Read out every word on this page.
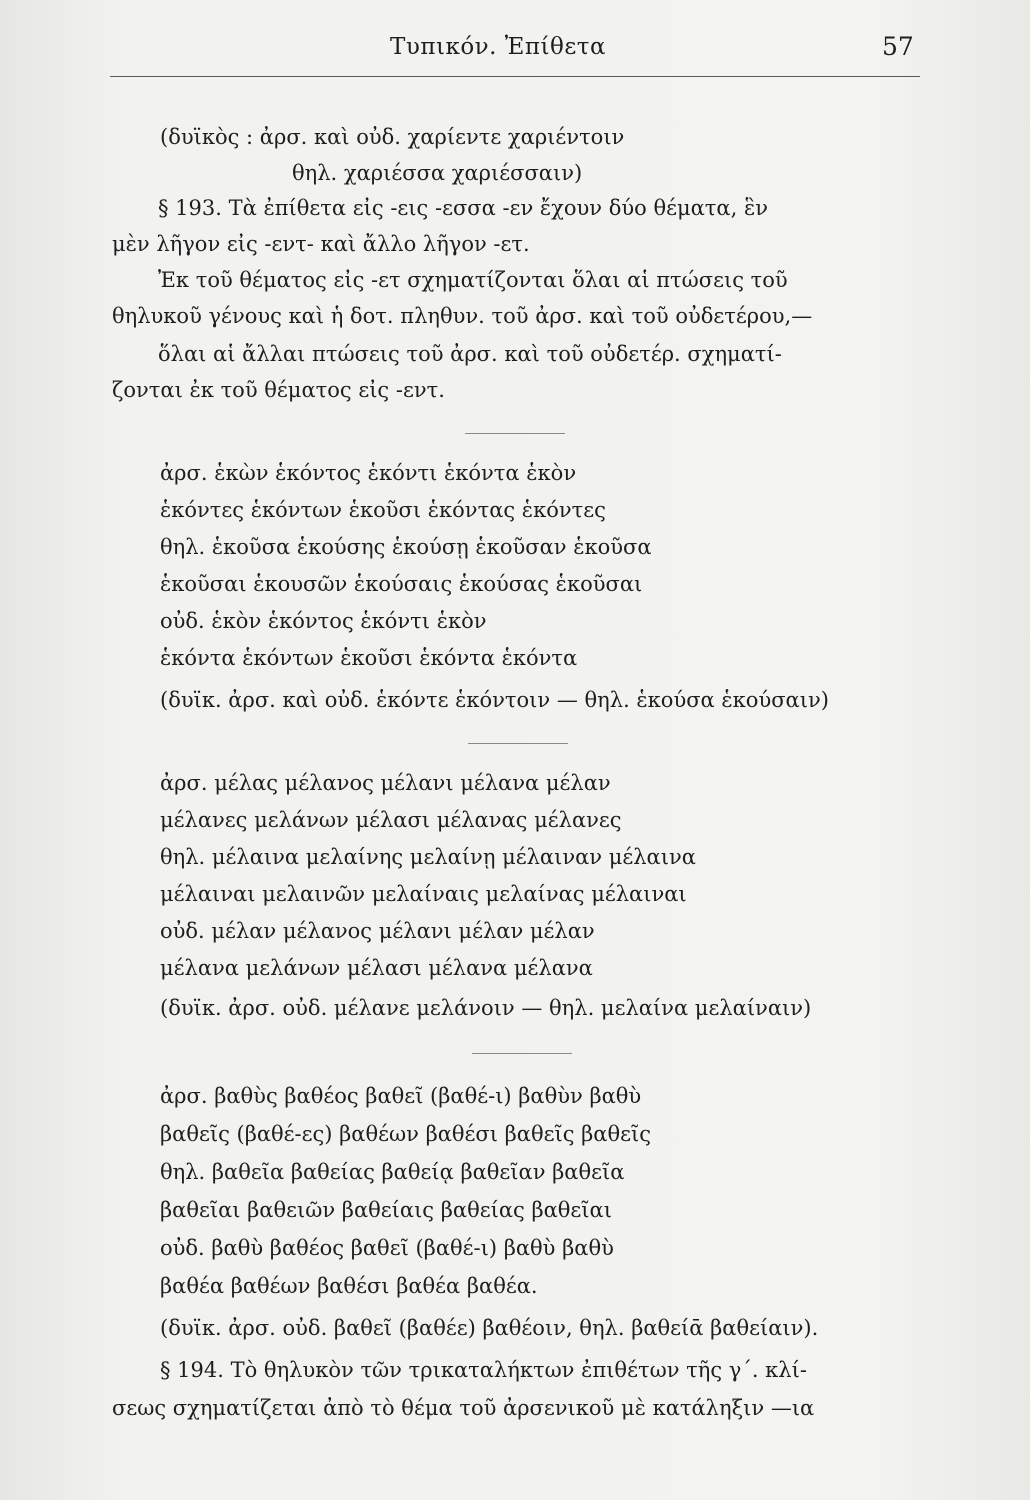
Τυπικόν. Ἐπίθετα	57
(δυϊκὸς : ἀρσ. καὶ οὐδ. χαρίεντε χαριέντοιν
θηλ. χαριέσσα χαριέσσαιν)
§ 193. Τὰ ἐπίθετα εἰς -εις -εσσα -εν ἔχουν δύο θέματα, ἓν
μὲν λῆγον εἰς -εντ- καὶ ἄλλο λῆγον -ετ.
Ἐκ τοῦ θέματος εἰς -ετ σχηματίζονται ὅλαι αἱ πτώσεις τοῦ
θηλυκοῦ γένους καὶ ἡ δοτ. πληθυν. τοῦ ἀρσ. καὶ τοῦ οὐδετέρου,—
ὅλαι αἱ ἄλλαι πτώσεις τοῦ ἀρσ. καὶ τοῦ οὐδετέρ. σχηματί-
ζονται ἐκ τοῦ θέματος εἰς -εντ.
ἀρσ. ἑκὼν ἑκόντος ἑκόντι ἑκόντα ἑκὸν
ἑκόντες ἑκόντων ἑκοῦσι ἑκόντας ἑκόντες
θηλ. ἑκοῦσα ἑκούσης ἑκούσῃ ἑκοῦσαν ἑκοῦσα
ἑκοῦσαι ἑκουσῶν ἑκούσαις ἑκούσας ἑκοῦσαι
οὐδ. ἑκὸν ἑκόντος ἑκόντι ἑκὸν
ἑκόντα ἑκόντων ἑκοῦσι ἑκόντα ἑκόντα
(δυϊκ. ἀρσ. καὶ οὐδ. ἑκόντε ἑκόντοιν — θηλ. ἑκούσα ἑκούσαιν)
ἀρσ. μέλας μέλανος μέλανι μέλανα μέλαν
μέλανες μελάνων μέλασι μέλανας μέλανες
θηλ. μέλαινα μελαίνης μελαίνῃ μέλαιναν μέλαινα
μέλαιναι μελαινῶν μελαίναις μελαίνας μέλαιναι
οὐδ. μέλαν μέλανος μέλανι μέλαν μέλαν
μέλανα μελάνων μέλασι μέλανα μέλανα
(δυϊκ. ἀρσ. οὐδ. μέλανε μελάνοιν — θηλ. μελαίνα μελαίναιν)
ἀρσ. βαθὺς βαθέος βαθεῖ (βαθέ-ι) βαθὺν βαθὺ
βαθεῖς (βαθέ-ες) βαθέων βαθέσι βαθεῖς βαθεῖς
θηλ. βαθεῖα βαθείας βαθείᾳ βαθεῖαν βαθεῖα
βαθεῖαι βαθειῶν βαθείαις βαθείας βαθεῖαι
οὐδ. βαθὺ βαθέος βαθεῖ (βαθέ-ι) βαθὺ βαθὺ
βαθέα βαθέων βαθέσι βαθέα βαθέα.
(δυϊκ. ἀρσ. οὐδ. βαθεῖ (βαθέε) βαθέοιν, θηλ. βαθείᾱ βαθείαιν).
§ 194. Τὸ θηλυκὸν τῶν τρικαταλήκτων ἐπιθέτων τῆς γ΄. κλί-
σεως σχηματίζεται ἀπὸ τὸ θέμα τοῦ ἀρσενικοῦ μὲ κατάληξιν —ια
